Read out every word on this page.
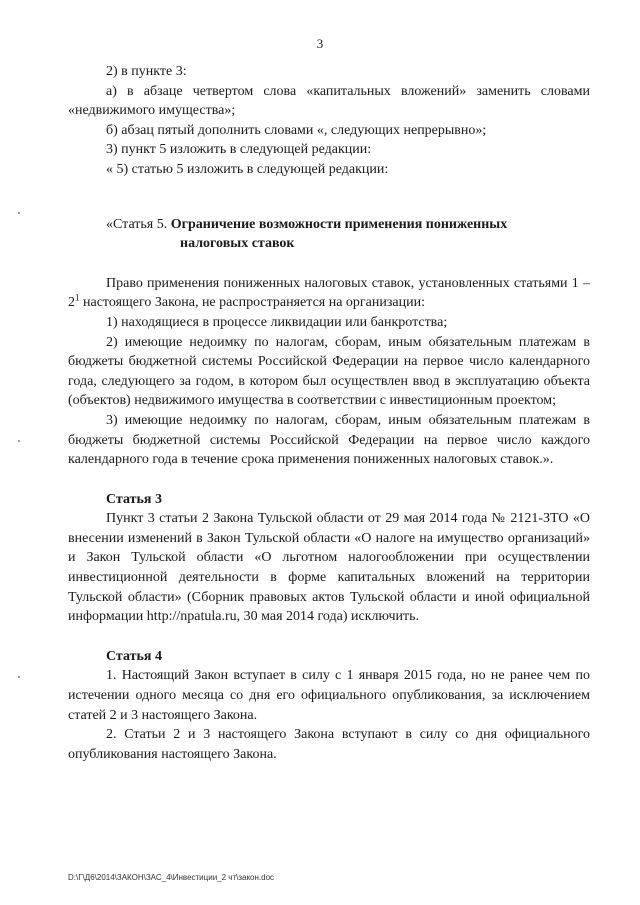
3

2) в пункте 3:

а) в абзаце четвертом слова «капитальных вложений» заменить словами «недвижимого имущества»;

б) абзац пятый дополнить словами «, следующих непрерывно»;

3) пункт 5 изложить в следующей редакции:

« 5) статью 5 изложить в следующей редакции:

«Статья 5. Ограничение возможности применения пониженных
налоговых ставок

Право применения пониженных налоговых ставок, установленных статьями $1 - 2^1$ настоящего Закона, не распространяется на организации:

1) находящиеся в процессе ликвидации или банкротства;

2) имеющие недоимку по налогам, сборам, иным обязательным платежам в бюджеты бюджетной системы Российской Федерации на первое число календарного года, следующего за годом, в котором был осуществлен ввод в эксплуатацию объекта (объектов) недвижимого имущества в соответствии с инвестиционным проектом;

3) имеющие недоимку по налогам, сборам, иным обязательным платежам в бюджеты бюджетной системы Российской Федерации на первое число каждого календарного года в течение срока применения пониженных налоговых ставок.».

Статья 3

Пункт 3 статьи 2 Закона Тульской области от 29 мая 2014 года № 2121-ЗТО «О внесении изменений в Закон Тульской области «О налоге на имущество организаций» и Закон Тульской области «О льготном налогообложении при осуществлении инвестиционной деятельности в форме капитальных вложений на территории Тульской области» (Сборник правовых актов Тульской области и иной официальной информации http://npatula.ru, 30 мая 2014 года) исключить.

Статья 4

1. Настоящий Закон вступает в силу с 1 января 2015 года, но не ранее чем по истечении одного месяца со дня его официального опубликования, за исключением статей 2 и 3 настоящего Закона.

2. Статьи 2 и 3 настоящего Закона вступают в силу со дня официального опубликования настоящего Закона.

D:\Г\Д6\2014\ЗАКОН\ЗАС_4\Инвестиции_2 чт\закон.doc
